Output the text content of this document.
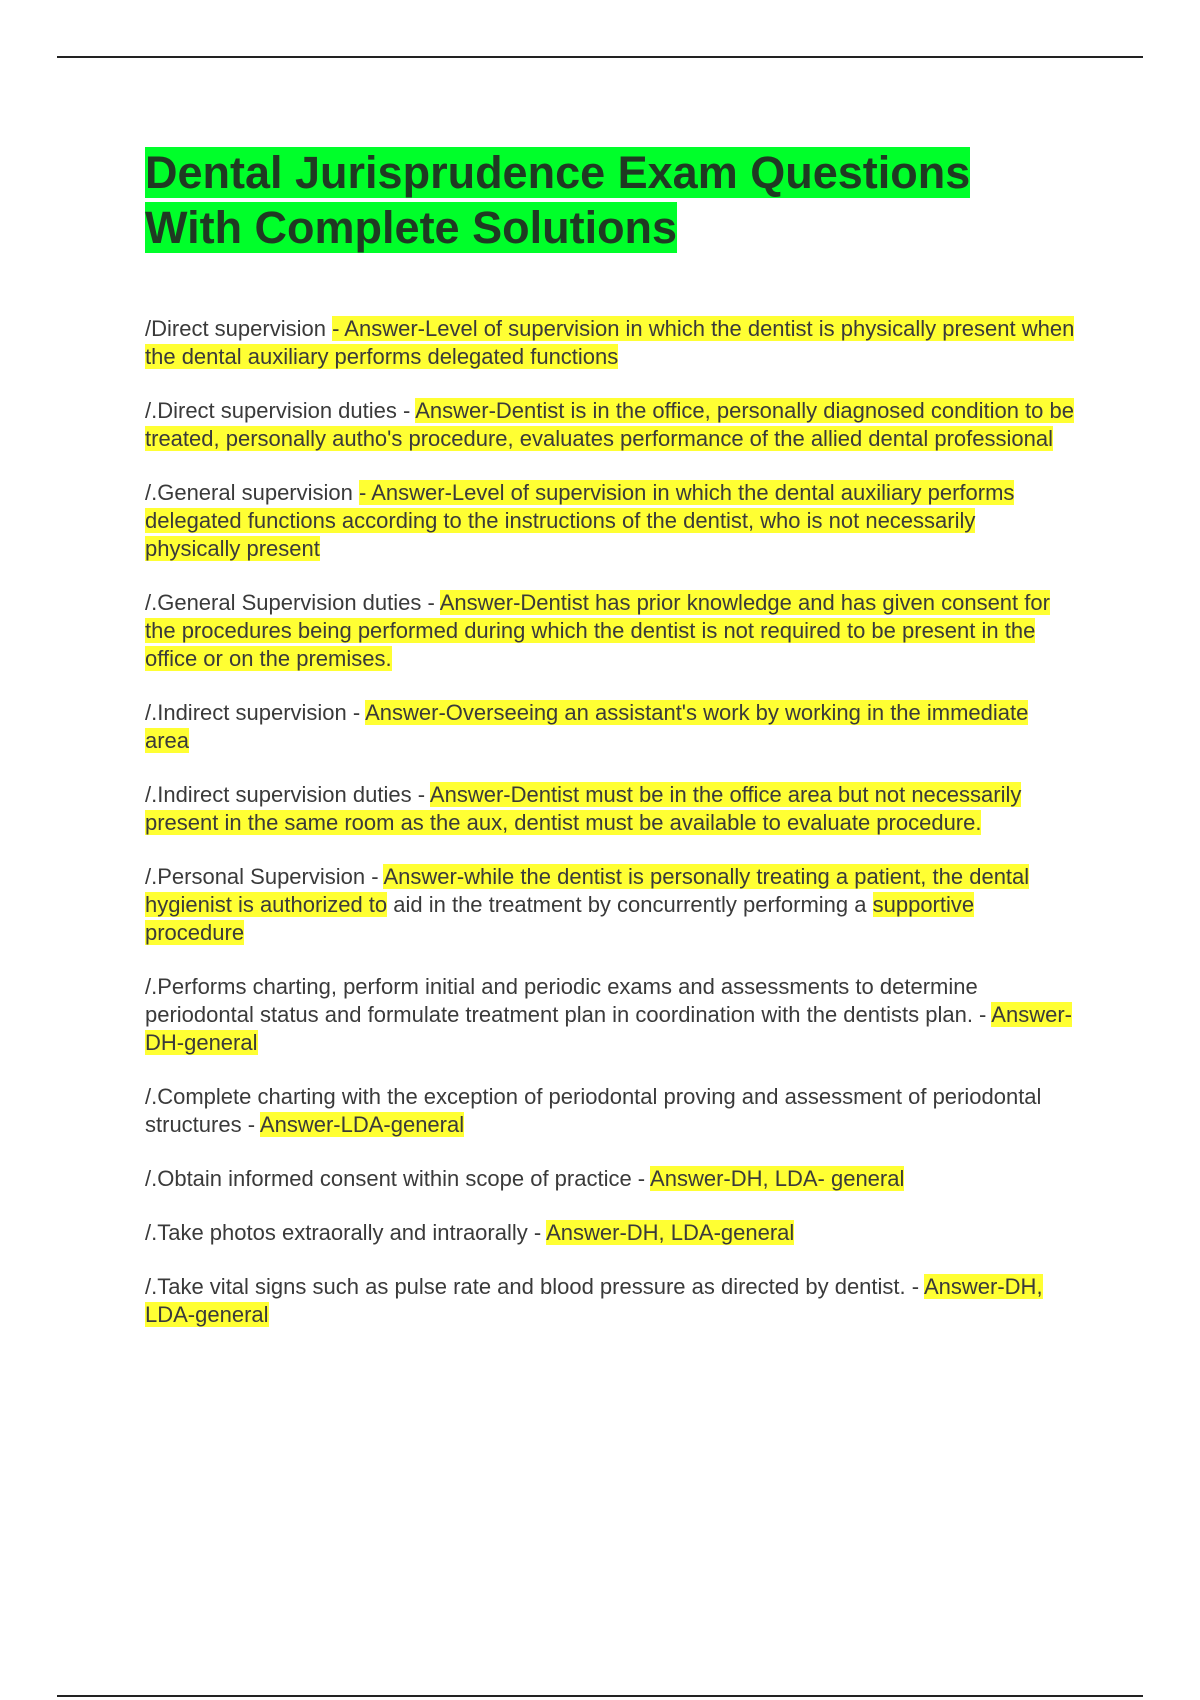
Dental Jurisprudence Exam Questions With Complete Solutions

/Direct supervision - Answer-Level of supervision in which the dentist is physically present when the dental auxiliary performs delegated functions

/.Direct supervision duties - Answer-Dentist is in the office, personally diagnosed condition to be treated, personally autho's procedure, evaluates performance of the allied dental professional

/.General supervision - Answer-Level of supervision in which the dental auxiliary performs delegated functions according to the instructions of the dentist, who is not necessarily physically present

/.General Supervision duties - Answer-Dentist has prior knowledge and has given consent for the procedures being performed during which the dentist is not required to be present in the office or on the premises.

/.Indirect supervision - Answer-Overseeing an assistant's work by working in the immediate area

/.Indirect supervision duties - Answer-Dentist must be in the office area but not necessarily present in the same room as the aux, dentist must be available to evaluate procedure.

/.Personal Supervision - Answer-while the dentist is personally treating a patient, the dental hygienist is authorized to aid in the treatment by concurrently performing a supportive procedure

/.Performs charting, perform initial and periodic exams and assessments to determine periodontal status and formulate treatment plan in coordination with the dentists plan. - Answer-DH-general

/.Complete charting with the exception of periodontal proving and assessment of periodontal structures - Answer-LDA-general

/.Obtain informed consent within scope of practice - Answer-DH, LDA- general

/.Take photos extraorally and intraorally - Answer-DH, LDA-general

/.Take vital signs such as pulse rate and blood pressure as directed by dentist. - Answer-DH, LDA-general
